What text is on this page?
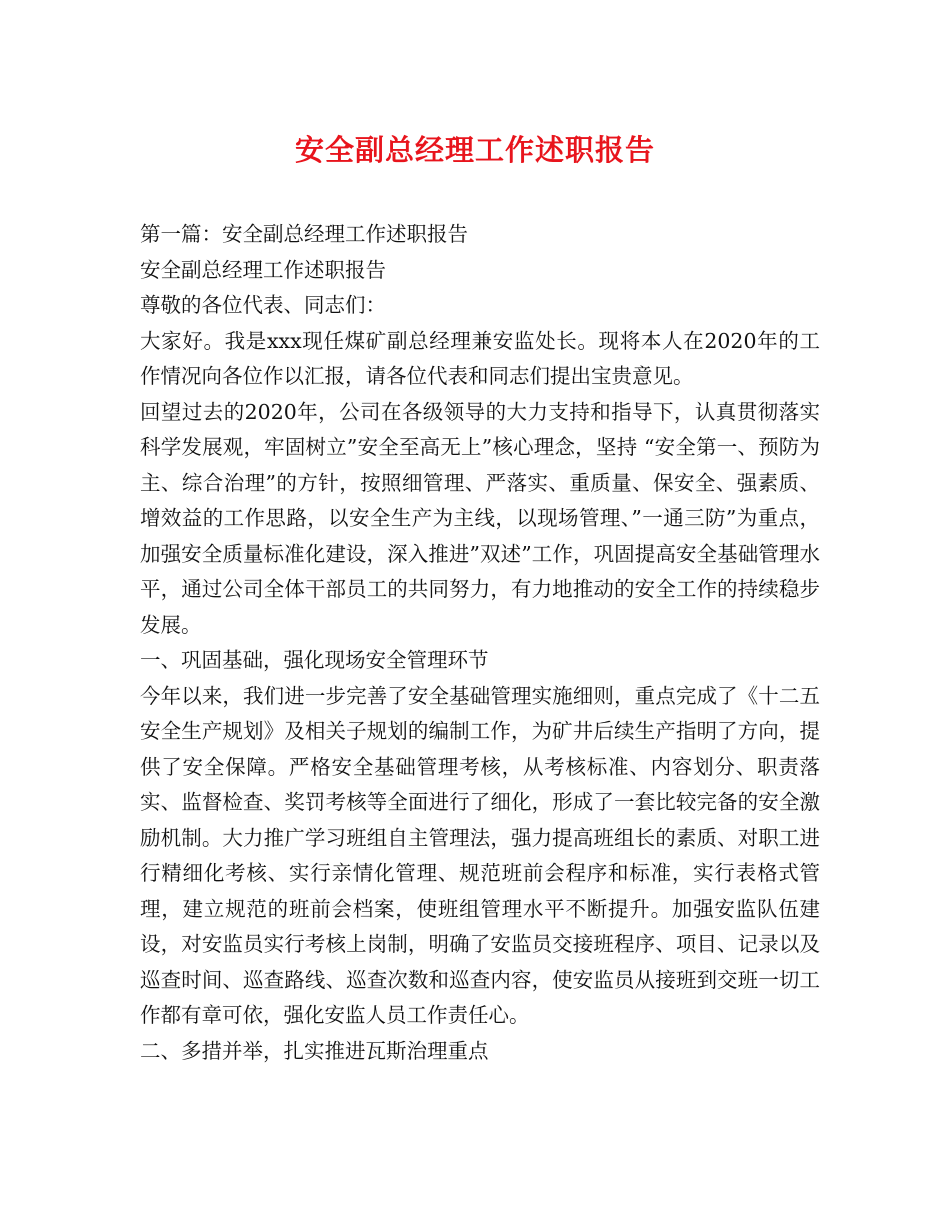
安全副总经理工作述职报告

第一篇：安全副总经理工作述职报告

安全副总经理工作述职报告

尊敬的各位代表、同志们：

大家好。我是xxx现任煤矿副总经理兼安监处长。现将本人在2020年的工作情况向各位作以汇报，请各位代表和同志们提出宝贵意见。

回望过去的2020年，公司在各级领导的大力支持和指导下，认真贯彻落实科学发展观，牢固树立”安全至高无上”核心理念，坚持 “安全第一、预防为主、综合治理”的方针，按照细管理、严落实、重质量、保安全、强素质、增效益的工作思路，以安全生产为主线，以现场管理、”一通三防”为重点，加强安全质量标准化建设，深入推进”双述”工作，巩固提高安全基础管理水平，通过公司全体干部员工的共同努力，有力地推动的安全工作的持续稳步发展。

一、巩固基础，强化现场安全管理环节

今年以来，我们进一步完善了安全基础管理实施细则，重点完成了《十二五安全生产规划》及相关子规划的编制工作，为矿井后续生产指明了方向，提供了安全保障。严格安全基础管理考核，从考核标准、内容划分、职责落实、监督检查、奖罚考核等全面进行了细化，形成了一套比较完备的安全激励机制。大力推广学习班组自主管理法，强力提高班组长的素质、对职工进行精细化考核、实行亲情化管理、规范班前会程序和标准，实行表格式管理，建立规范的班前会档案，使班组管理水平不断提升。加强安监队伍建设，对安监员实行考核上岗制，明确了安监员交接班程序、项目、记录以及巡查时间、巡查路线、巡查次数和巡查内容，使安监员从接班到交班一切工作都有章可依，强化安监人员工作责任心。

二、多措并举，扎实推进瓦斯治理重点
